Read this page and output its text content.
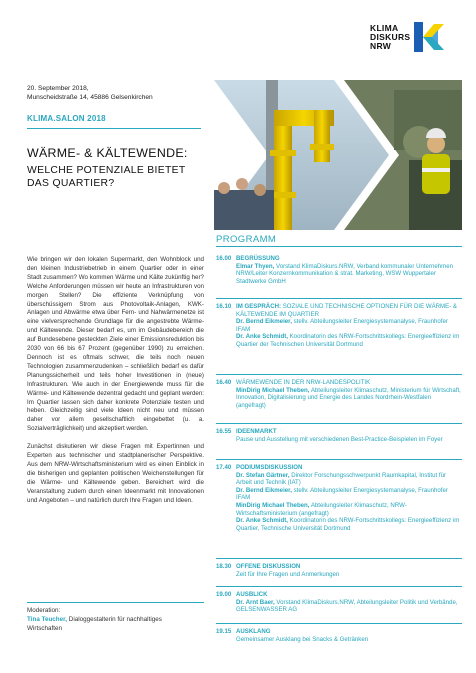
KLIMA
DISKURS
NRW
20. September 2018,
Munscheidstraße 14, 45886 Gelsenkirchen
KLIMA.SALON 2018
WÄRME- & KÄLTEWENDE:
WELCHE POTENZIALE BIETET
DAS QUARTIER?

Wie bringen wir den lokalen Supermarkt, den Wohnblock und den kleinen Industriebetrieb in einem Quartier oder in einer Stadt zusammen? Wo kommen Wärme und Kälte zukünftig her? Welche Anforderungen müssen wir heute an Infrastrukturen von morgen Stellen? Die effiziente Verknüpfung von überschüssigem Strom aus Photovoltaik-Anlagen, KWK-Anlagen und Abwärme etwa über Fern- und Nahwärmenetze ist eine vielversprechende Grundlage für die angestrebte Wärme- und Kältewende. Dieser bedarf es, um im Gebäudebereich die auf Bundesebene gesteckten Ziele einer Emissionsreduktion bis 2030 von 66 bis 67 Prozent (gegenüber 1990) zu erreichen. Dennoch ist es oftmals schwer, die teils noch neuen Technologien zusammenzudenken – schließlich bedarf es dafür Planungssicherheit und teils hoher Investitionen in (neue) Infrastrukturen. Wie auch in der Energiewende muss für die Wärme- und Kältewende dezentral gedacht und geplant werden: Im Quartier lassen sich daher konkrete Potenziale testen und heben. Gleichzeitig sind viele Ideen nicht neu und müssen daher vor allem gesellschaftlich eingebettet (u. a. Sozialverträglichkeit) und akzeptiert werden.

Zunächst diskutieren wir diese Fragen mit Expertinnen und Experten aus technischer und stadtplanerischer Perspektive. Aus dem NRW-Wirtschaftsministerium wird es einen Einblick in die bisherigen und geplanten politischen Weichenstellungen für die Wärme- und Kältewende geben. Bereichert wird die Veranstaltung zudem durch einen Ideenmarkt mit Innovationen und Angeboten – und natürlich durch Ihre Fragen und Ideen.

Moderation:
Tina Teucher, Dialoggestalterin für nachhaltiges
Wirtschaften
PROGRAMM
16.00 BEGRÜSSUNG
Elmar Thyen, Vorstand KlimaDiskurs.NRW, Verband kommunaler Unternehmen NRW/Leiter Konzernkommunikation & strat. Marketing, WSW Wuppertaler Stadtwerke GmbH
16.10 IM GESPRÄCH: SOZIALE UND TECHNISCHE OPTIONEN FÜR DIE WÄRME- & KÄLTEWENDE IM QUARTIER
Dr. Bernd Eikmeier, stellv. Abteilungsleiter Energiesystemanalyse, Fraunhofer IFAM
Dr. Anke Schmidt, Koordinatorin des NRW-Fortschrittskollegs: Energieeffizienz im Quartier der Technischen Universität Dortmund
16.40 WÄRMEWENDE IN DER NRW-LANDESPOLITIK
MinDirig Michael Theben, Abteilungsleiter Klimaschutz, Ministerium für Wirtschaft, Innovation, Digitalisierung und Energie des Landes Nordrhein-Westfalen (angefragt)
16.55 IDEENMARKT
Pause und Ausstellung mit verschiedenen Best-Practice-Beispielen im Foyer
17.40 PODIUMSDISKUSSION
Dr. Stefan Gärtner, Direktor Forschungsschwerpunkt Raumkapital, Institut für Arbeit und Technik (IAT)
Dr. Bernd Eikmeier, stellv. Abteilungsleiter Energiesystemanalyse, Fraunhofer IFAM
MinDirig Michael Theben, Abteilungsleiter Klimaschutz, NRW-Wirtschaftsministerium (angefragt)
Dr. Anke Schmidt, Koordinatorin des NRW-Fortschrittskollegs: Energieeffizienz im Quartier, Technische Universität Dortmund
18.30 OFFENE DISKUSSION
Zeit für Ihre Fragen und Anmerkungen
19.00 AUSBLICK
Dr. Arnt Baer, Vorstand KlimaDiskurs.NRW, Abteilungsleiter Politik und Verbände, GELSENWASSER AG
19.15 AUSKLANG
Gemeinsamer Ausklang bei Snacks & Getränken
